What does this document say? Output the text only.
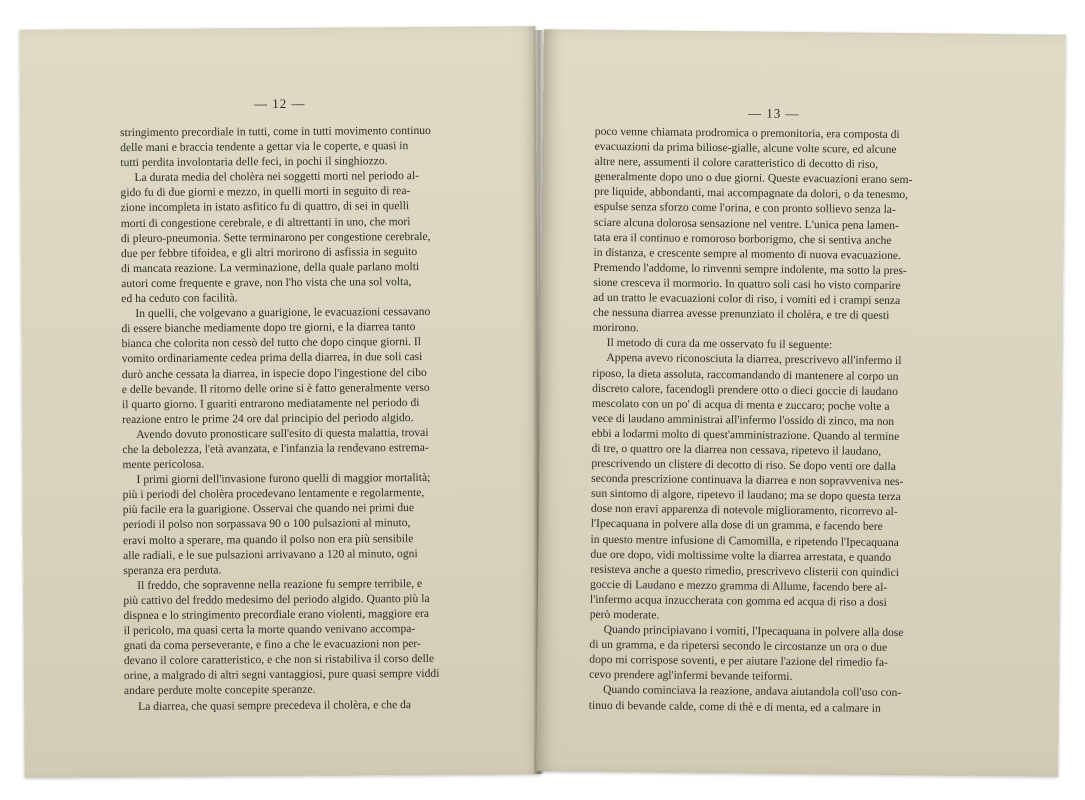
— 12 —
stringimento precordiale in tutti, come in tutti movimento continuo
delle mani e braccia tendente a gettar via le coperte, e quasi in
tutti perdita involontaria delle feci, in pochi il singhiozzo.
La durata media del cholèra nei soggetti morti nel periodo al-
gido fu di due giorni e mezzo, in quelli morti in seguito di rea-
zione incompleta in istato asfitico fu di quattro, di sei in quelli
morti di congestione cerebrale, e di altrettanti in uno, che morì
di pleuro-pneumonia. Sette terminarono per congestione cerebrale,
due per febbre tifoidea, e gli altri morirono di asfissia in seguito
di mancata reazione. La verminazione, della quale parlano molti
autori come frequente e grave, non l'ho vista che una sol volta,
ed ha ceduto con facilità.
In quelli, che volgevano a guarigione, le evacuazioni cessavano
di essere bianche mediamente dopo tre giorni, e la diarrea tanto
bianca che colorita non cessò del tutto che dopo cinque giorni. Il
vomito ordinariamente cedea prima della diarrea, in due soli casi
durò anche cessata la diarrea, in ispecie dopo l'ingestione del cibo
e delle bevande. Il ritorno delle orine si è fatto generalmente verso
il quarto giorno. I guariti entrarono mediatamente nel periodo di
reazione entro le prime 24 ore dal principio del periodo algido.
Avendo dovuto pronosticare sull'esito di questa malattia, trovai
che la debolezza, l'età avanzata, e l'infanzia la rendevano estrema-
mente pericolosa.
I primi giorni dell'invasione furono quelli di maggior mortalità;
più i periodi del cholèra procedevano lentamente e regolarmente,
più facile era la guarigione. Osservai che quando nei primi due
periodi il polso non sorpassava 90 o 100 pulsazioni al minuto,
eravi molto a sperare, ma quando il polso non era più sensibile
alle radiali, e le sue pulsazioni arrivavano a 120 al minuto, ogni
speranza era perduta.
Il freddo, che sopravenne nella reazione fu sempre terribile, e
più cattivo del freddo medesimo del periodo algido. Quanto più la
dispnea e lo stringimento precordiale erano violenti, maggiore era
il pericolo, ma quasi certa la morte quando venivano accompa-
gnati da coma perseverante, e fino a che le evacuazioni non per-
devano il colore caratteristico, e che non si ristabiliva il corso delle
orine, a malgrado di altri segni vantaggiosi, pure quasi sempre viddi
andare perdute molte concepite speranze.
La diarrea, che quasi sempre precedeva il cholèra, e che da
— 13 —
poco venne chiamata prodromica o premonitoria, era composta di
evacuazioni da prima biliose-gialle, alcune volte scure, ed alcune
altre nere, assumenti il colore caratteristico di decotto di riso,
generalmente dopo uno o due giorni. Queste evacuazioni erano sem-
pre liquide, abbondanti, mai accompagnate da dolori, o da tenesmo,
espulse senza sforzo come l'orina, e con pronto sollievo senza la-
sciare alcuna dolorosa sensazione nel ventre. L'unica pena lamen-
tata era il continuo e romoroso borborigmo, che si sentiva anche
in distanza, e crescente sempre al momento di nuova evacuazione.
Premendo l'addome, lo rinvenni sempre indolente, ma sotto la pres-
sione cresceva il mormorio. In quattro soli casi ho visto comparire
ad un tratto le evacuazioni color di riso, i vomiti ed i crampi senza
che nessuna diarrea avesse prenunziato il cholèra, e tre di questi
morirono.
Il metodo di cura da me osservato fu il seguente:
Appena avevo riconosciuta la diarrea, prescrivevo all'infermo il
riposo, la dieta assoluta, raccomandando di mantenere al corpo un
discreto calore, facendogli prendere otto o dieci goccie di laudano
mescolato con un po' di acqua di menta e zuccaro; poche volte a
vece di laudano amministrai all'infermo l'ossido di zinco, ma non
ebbi a lodarmi molto di quest'amministrazione. Quando al termine
di tre, o quattro ore la diarrea non cessava, ripetevo il laudano,
prescrivendo un clistere di decotto di riso. Se dopo venti ore dalla
seconda prescrizione continuava la diarrea e non sopravveniva nes-
sun sintomo di algore, ripetevo il laudano; ma se dopo questa terza
dose non eravi apparenza di notevole miglioramento, ricorrevo al-
l'Ipecaquana in polvere alla dose di un gramma, e facendo bere
in questo mentre infusione di Camomilla, e ripetendo l'Ipecaquana
due ore dopo, vidi moltissime volte la diarrea arrestata, e quando
resisteva anche a questo rimedio, prescrivevo clisterii con quindici
goccie di Laudano e mezzo gramma di Allume, facendo bere al-
l'infermo acqua inzuccherata con gomma ed acqua di riso a dosi
però moderate.
Quando principiavano i vomiti, l'Ipecaquana in polvere alla dose
di un gramma, e da ripetersi secondo le circostanze un ora o due
dopo mi corrispose soventi, e per aiutare l'azione del rimedio fa-
cevo prendere agl'infermi bevande teiformi.
Quando cominciava la reazione, andava aiutandola coll'uso con-
tinuo di bevande calde, come di thè e di menta, ed a calmare in
